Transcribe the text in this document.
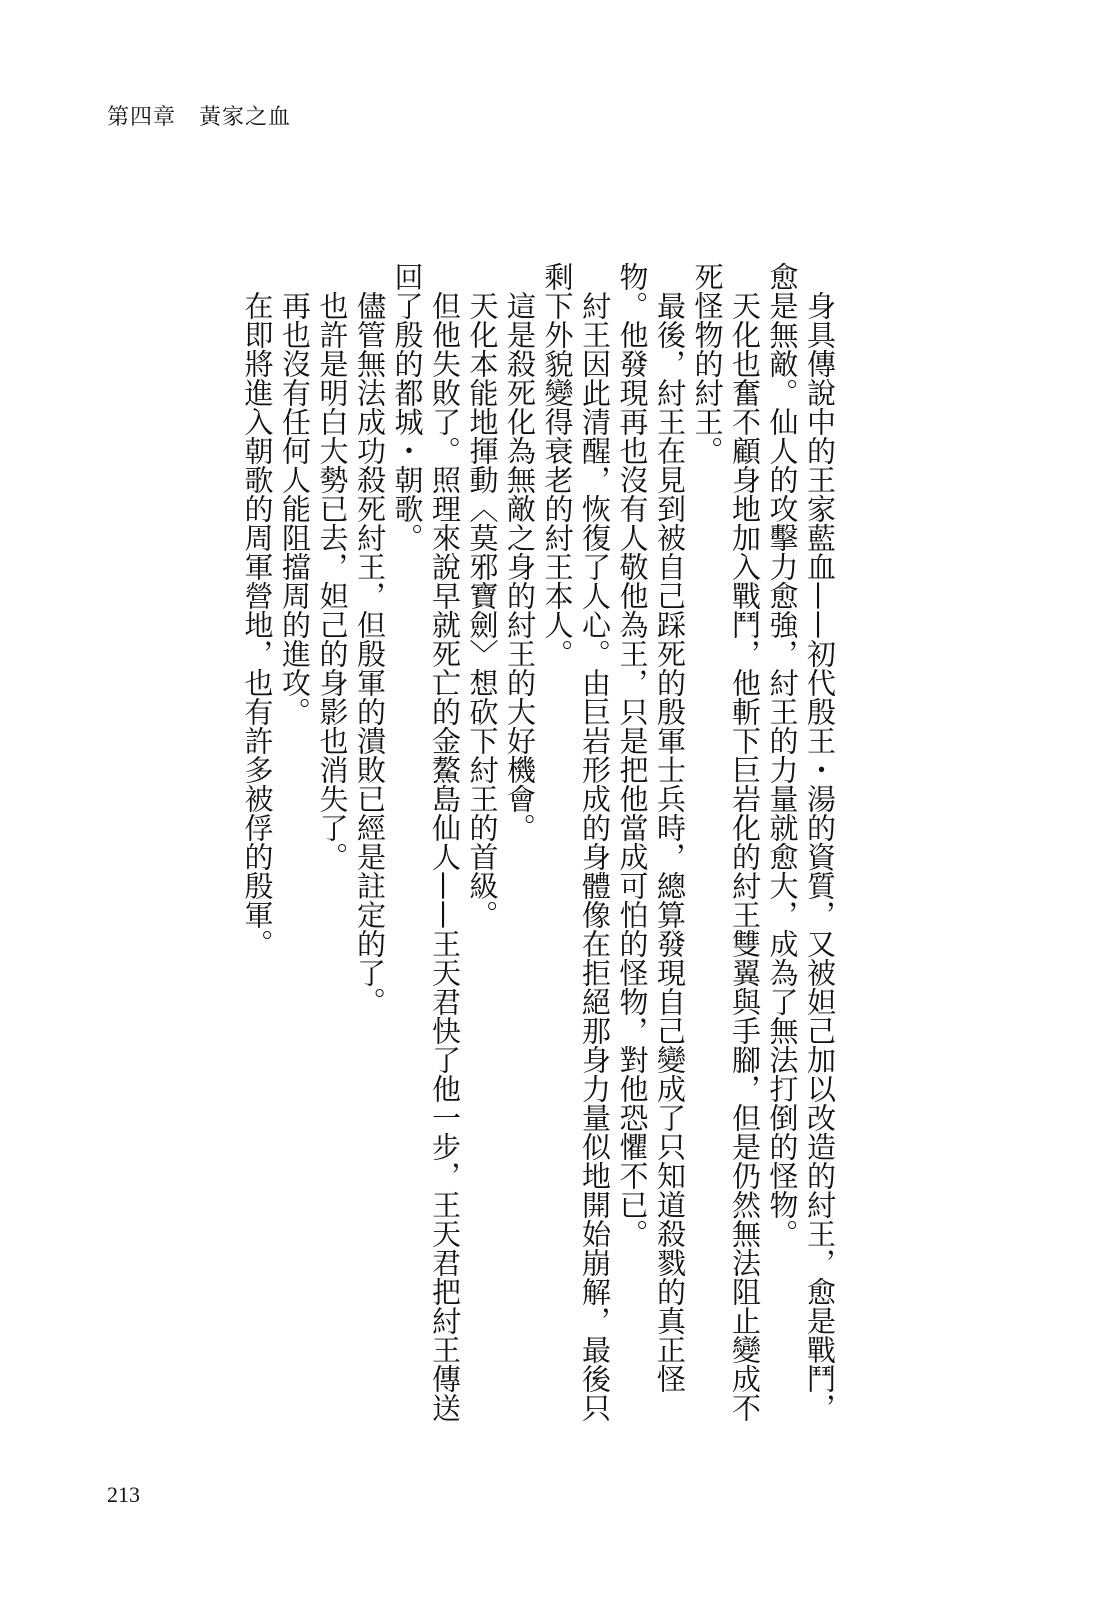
第四章　黃家之血
身具傳說中的王家藍血——初代殷王・湯的資質，又被妲己加以改造的紂王，愈是戰鬥，
愈是無敵。仙人的攻擊力愈強，紂王的力量就愈大，成為了無法打倒的怪物。
天化也奮不顧身地加入戰鬥，他斬下巨岩化的紂王雙翼與手腳，但是仍然無法阻止變成不
死怪物的紂王。
最後，紂王在見到被自己踩死的殷軍士兵時，總算發現自己變成了只知道殺戮的真正怪
物。他發現再也沒有人敬他為王，只是把他當成可怕的怪物，對他恐懼不已。
紂王因此清醒，恢復了人心。由巨岩形成的身體像在拒絕那身力量似地開始崩解，最後只
剩下外貌變得衰老的紂王本人。
這是殺死化為無敵之身的紂王的大好機會。
天化本能地揮動〈莫邪寶劍〉想砍下紂王的首級。
但他失敗了。照理來說早就死亡的金鰲島仙人——王天君快了他一步，王天君把紂王傳送
回了殷的都城・朝歌。
儘管無法成功殺死紂王，但殷軍的潰敗已經是註定的了。
也許是明白大勢已去，妲己的身影也消失了。
再也沒有任何人能阻擋周的進攻。
在即將進入朝歌的周軍營地，也有許多被俘的殷軍。
213
